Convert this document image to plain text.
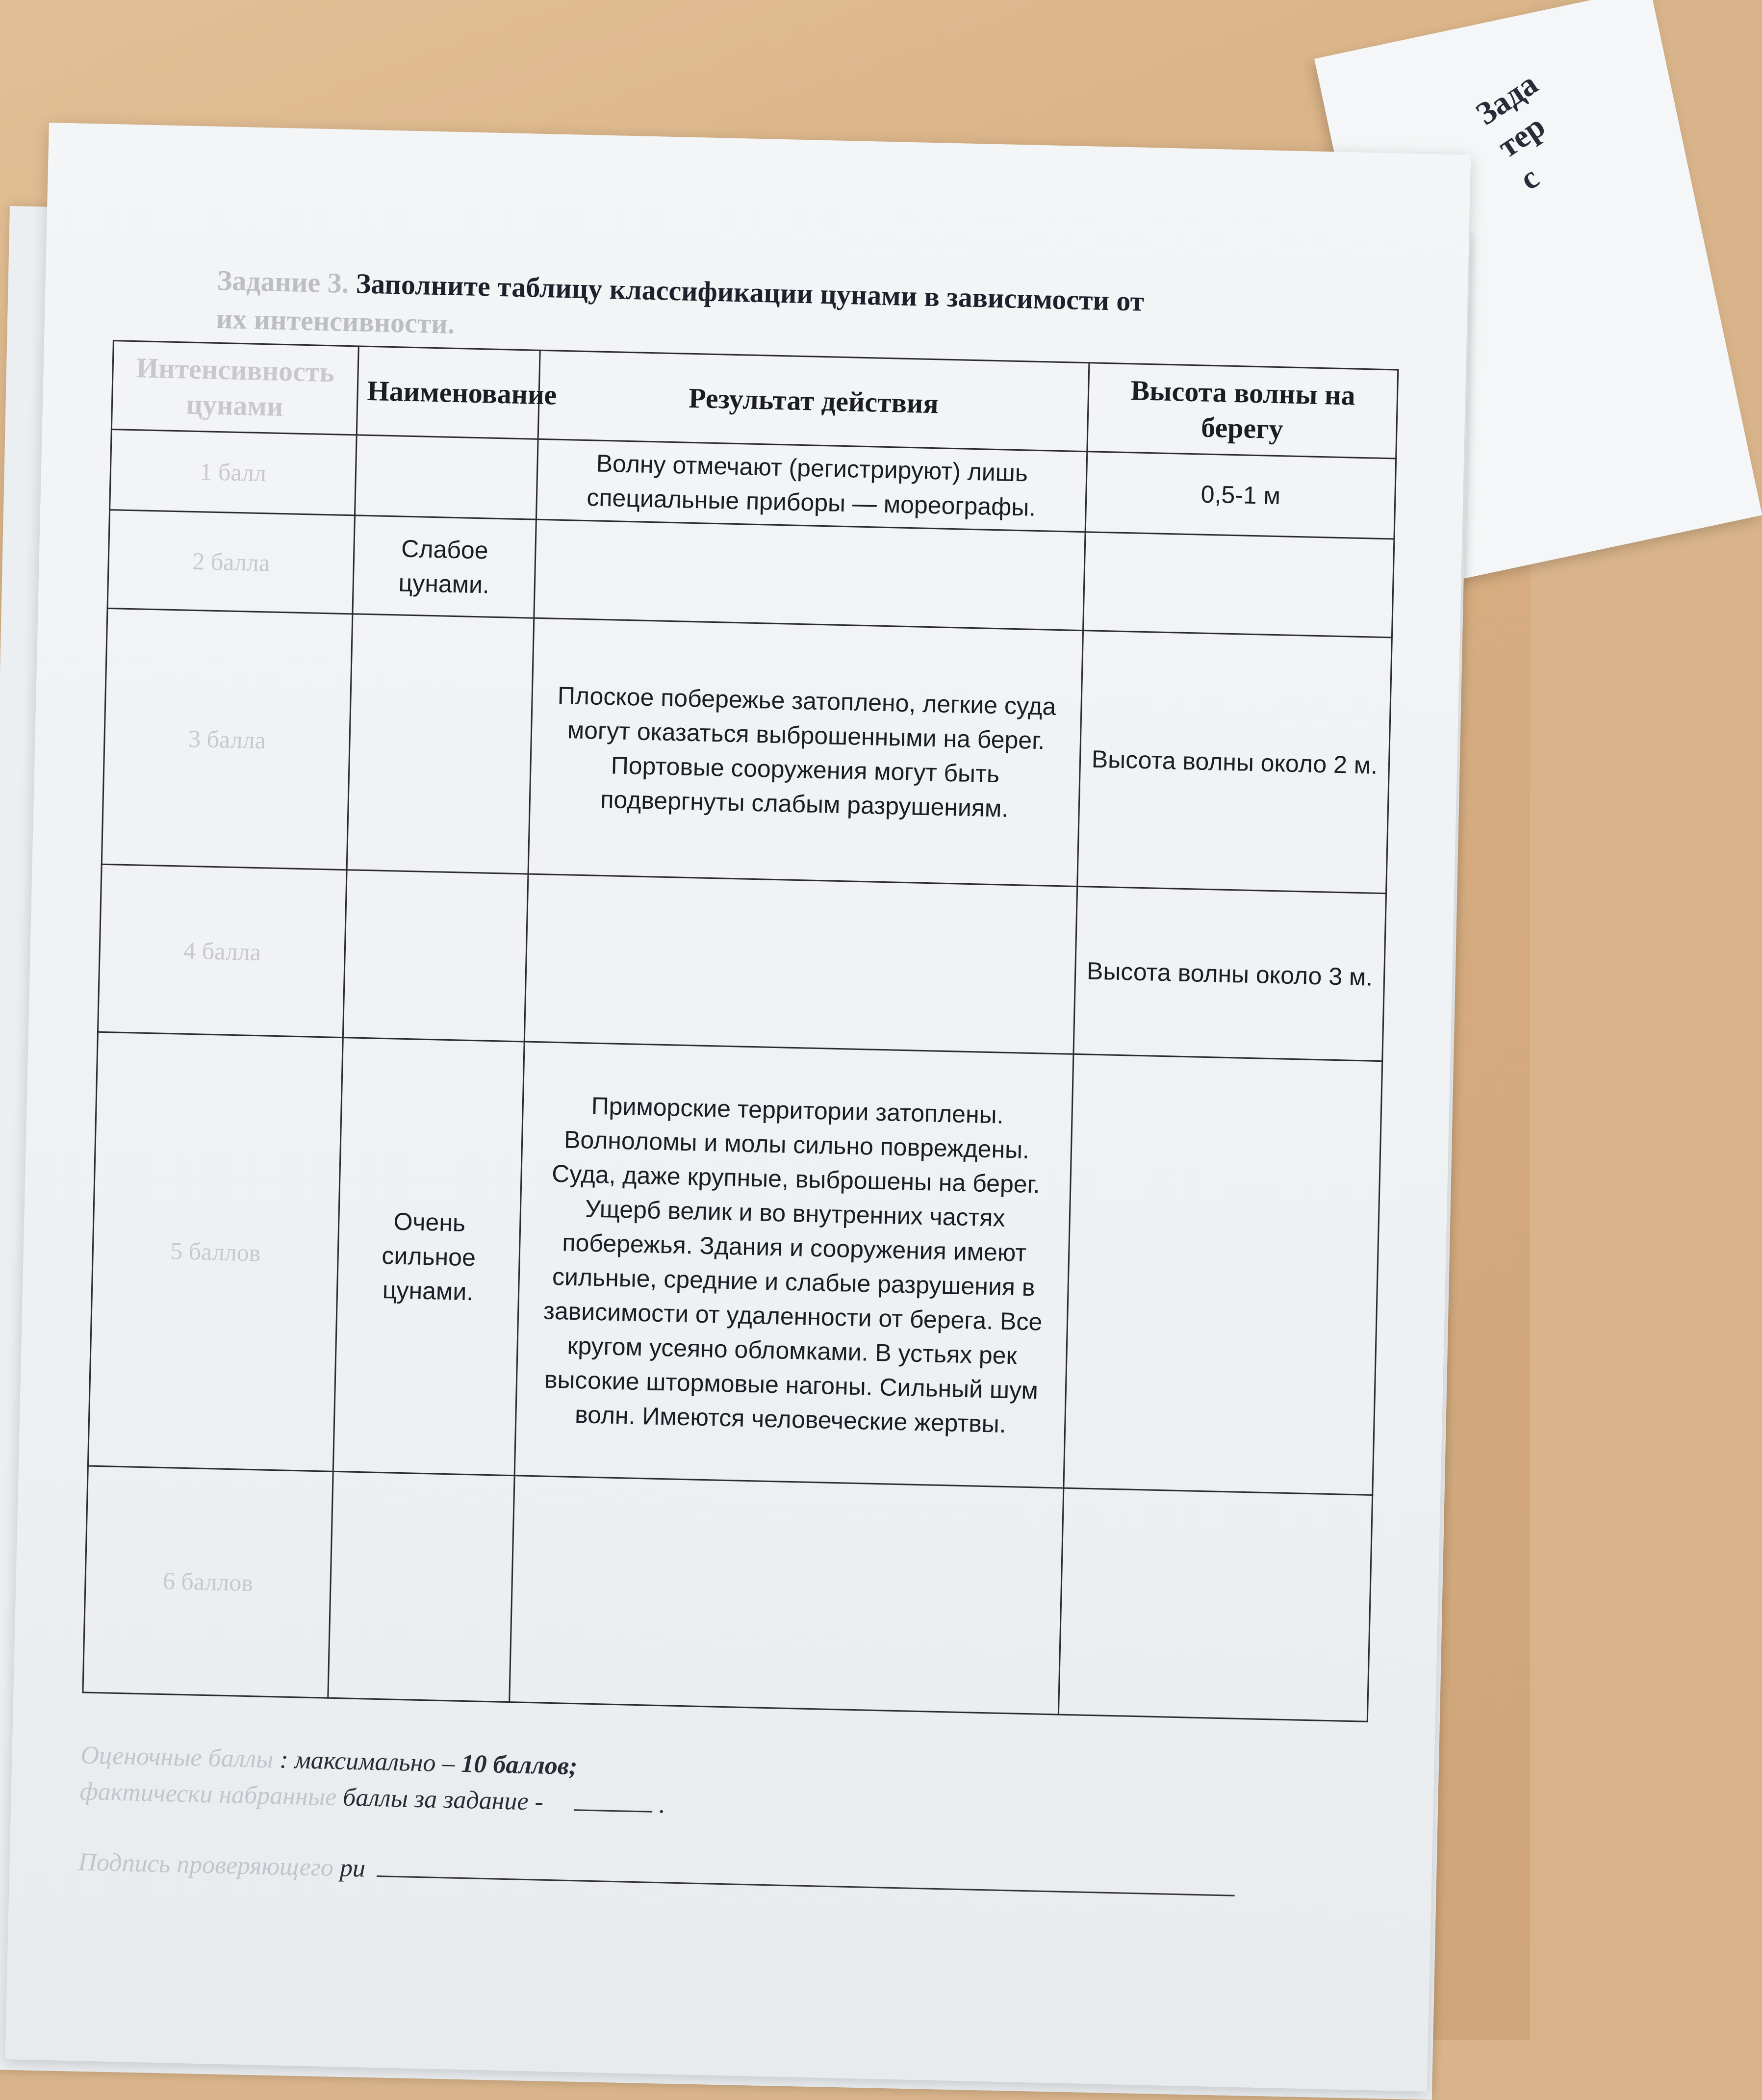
Зада
тер
с
Задание 3. Заполните таблицу классификации цунами в зависимости от
их интенсивности.
Интенсивность цунами	Наименование	Результат действия	Высота волны на берегу
1 балл		Волну отмечают (регистрируют) лишь специальные приборы — мореографы.	0,5-1 м
2 балла	Слабое цунами.		
3 балла		Плоское побережье затоплено, легкие суда могут оказаться выброшенными на берег. Портовые сооружения могут быть подвергнуты слабым разрушениям.	Высота волны около 2 м.
4 балла			Высота волны около 3 м.
5 баллов	Очень сильное цунами.	Приморские территории затоплены. Волноломы и молы сильно повреждены. Суда, даже крупные, выброшены на берег. Ущерб велик и во внутренних частях побережья. Здания и сооружения имеют сильные, средние и слабые разрушения в зависимости от удаленности от берега. Все кругом усеяно обломками. В устьях рек высокие штормовые нагоны. Сильный шум волн. Имеются человеческие жертвы.	
6 баллов			
Оценочные баллы : максимально – 10 баллов;
фактически набранные баллы за задание -	.
Подпись проверяющего ри
